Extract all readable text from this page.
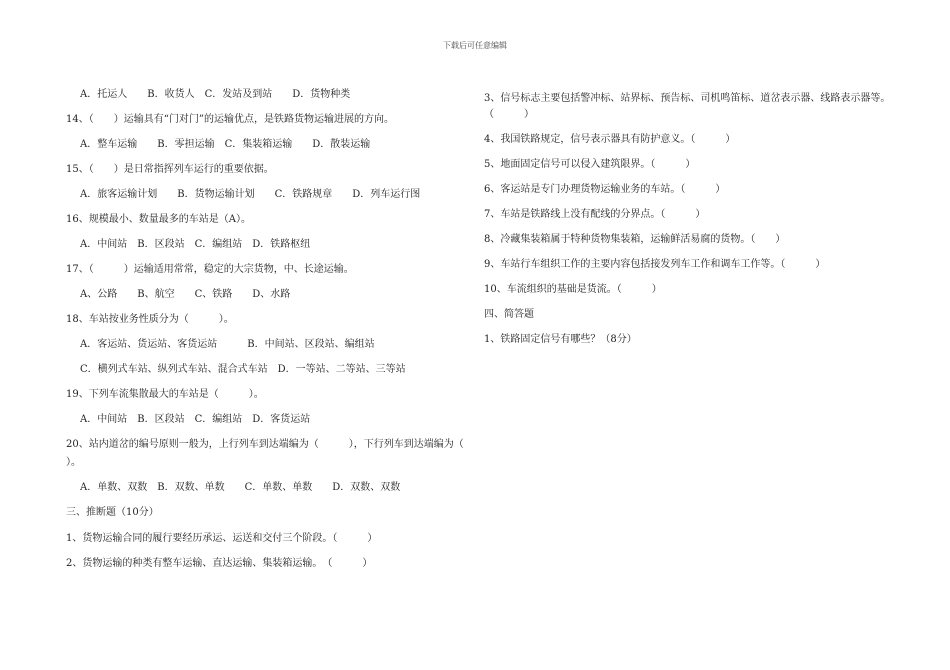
下载后可任意编辑
A．托运人　　B．收货人　C．发站及到站　　D．货物种类
14、（　　）运输具有“门对门”的运输优点，是铁路货物运输进展的方向。
A．整车运输　　B．零担运输　C．集装箱运输　　D．散装运输
15、（　　）是日常指挥列车运行的重要依据。
A．旅客运输计划　　B．货物运输计划　　C．铁路规章　　D．列车运行图
16、规模最小、数量最多的车站是（A）。
A．中间站　B．区段站　C．编组站　D．铁路枢纽
17、（　　　）运输适用常常，稳定的大宗货物，中、长途运输。
A、公路　　B、航空　　C、铁路　　D、水路
18、车站按业务性质分为（　　　）。
A．客运站、货运站、客货运站　　　B．中间站、区段站、编组站
C．横列式车站、纵列式车站、混合式车站　D．一等站、二等站、三等站
19、下列车流集散最大的车站是（　　　）。
A．中间站　B．区段站　C．编组站　D．客货运站
20、站内道岔的编号原则一般为，上行列车到达端编为（　　　），下行列车到达端编为（
）。
A．单数、双数　B．双数、单数　　C．单数、单数　　D．双数、双数
三、推断题（10分）
1、货物运输合同的履行要经历承运、运送和交付三个阶段。（　　　）
2、货物运输的种类有整车运输、直达运输、集装箱运输。　（　　　）
3、信号标志主要包括警冲标、站界标、预告标、司机鸣笛标、道岔表示器、线路表示器等。
（　　　）
4、我国铁路规定，信号表示器具有防护意义。（　　　）
5、地面固定信号可以侵入建筑限界。（　　　）
6、客运站是专门办理货物运输业务的车站。（　　　）
7、车站是铁路线上没有配线的分界点。（　　　）
8、冷藏集装箱属于特种货物集装箱，运输鲜活易腐的货物。（　　）
9、车站行车组织工作的主要内容包括接发列车工作和调车工作等。（　　　）
10、车流组织的基础是货流。（　　　）
四、简答题
1、铁路固定信号有哪些？（8分）
